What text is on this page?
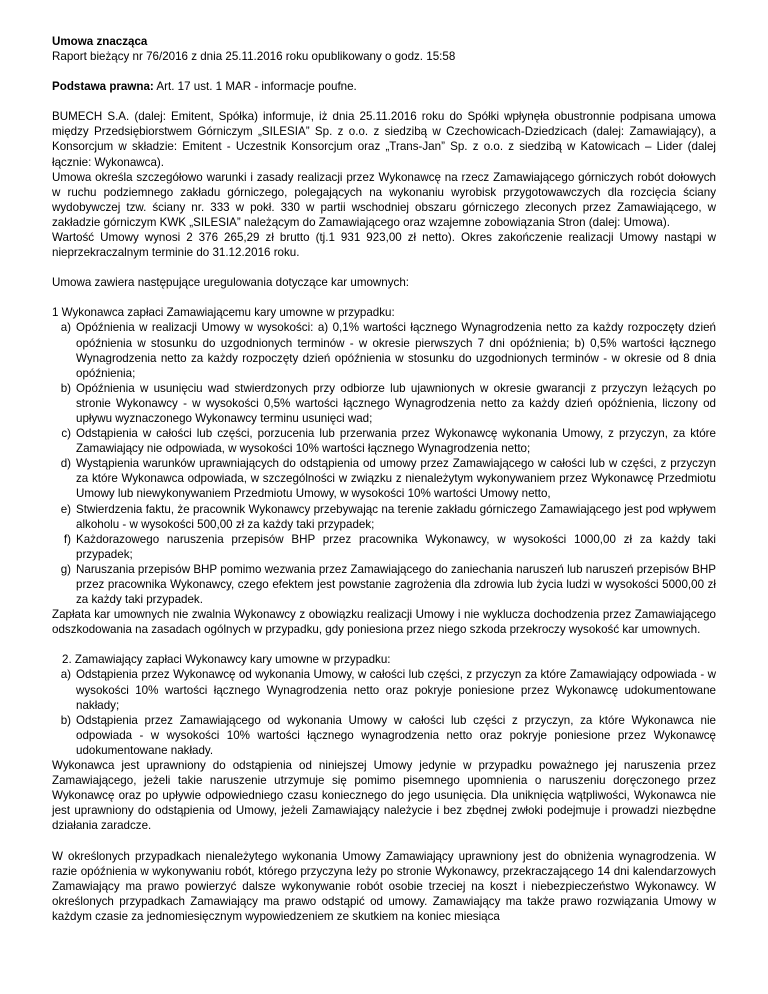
Umowa znacząca

Raport bieżący nr 76/2016 z dnia 25.11.2016 roku opublikowany o godz. 15:58

Podstawa prawna: Art. 17 ust. 1 MAR - informacje poufne.

BUMECH S.A. (dalej: Emitent, Spółka) informuje, iż dnia 25.11.2016 roku do Spółki wpłynęła obustronnie podpisana umowa między Przedsiębiorstwem Górniczym „SILESIA” Sp. z o.o. z siedzibą w Czechowicach-Dziedzicach (dalej: Zamawiający), a Konsorcjum w składzie: Emitent - Uczestnik Konsorcjum oraz „Trans-Jan” Sp. z o.o. z siedzibą w Katowicach – Lider (dalej łącznie: Wykonawca).

Umowa określa szczegółowo warunki i zasady realizacji przez Wykonawcę na rzecz Zamawiającego górniczych robót dołowych w ruchu podziemnego zakładu górniczego, polegających na wykonaniu wyrobisk przygotowawczych dla rozcięcia ściany wydobywczej tzw. ściany nr. 333 w pokł. 330 w partii wschodniej obszaru górniczego zleconych przez Zamawiającego, w zakładzie górniczym KWK „SILESIA” należącym do Zamawiającego oraz wzajemne zobowiązania Stron (dalej: Umowa).

Wartość Umowy wynosi 2 376 265,29 zł brutto (tj.1 931 923,00 zł netto). Okres zakończenie realizacji Umowy nastąpi w nieprzekraczalnym terminie do 31.12.2016 roku.

Umowa zawiera następujące uregulowania dotyczące kar umownych:

1 Wykonawca zapłaci Zamawiającemu kary umowne w przypadku:

a) Opóźnienia w realizacji Umowy w wysokości: a) 0,1% wartości łącznego Wynagrodzenia netto za każdy rozpoczęty dzień opóźnienia w stosunku do uzgodnionych terminów - w okresie pierwszych 7 dni opóźnienia; b) 0,5% wartości łącznego Wynagrodzenia netto za każdy rozpoczęty dzień opóźnienia w stosunku do uzgodnionych terminów - w okresie od 8 dnia opóźnienia;
b) Opóźnienia w usunięciu wad stwierdzonych przy odbiorze lub ujawnionych w okresie gwarancji z przyczyn leżących po stronie Wykonawcy - w wysokości 0,5% wartości łącznego Wynagrodzenia netto za każdy dzień opóźnienia, liczony od upływu wyznaczonego Wykonawcy terminu usunięci wad;
c) Odstąpienia w całości lub części, porzucenia lub przerwania przez Wykonawcę wykonania Umowy, z przyczyn, za które Zamawiający nie odpowiada, w wysokości 10% wartości łącznego Wynagrodzenia netto;
d) Wystąpienia warunków uprawniających do odstąpienia od umowy przez Zamawiającego w całości lub w części, z przyczyn za które Wykonawca odpowiada, w szczególności w związku z nienależytym wykonywaniem przez Wykonawcę Przedmiotu Umowy lub niewykonywaniem Przedmiotu Umowy, w wysokości 10% wartości Umowy netto,
e) Stwierdzenia faktu, że pracownik Wykonawcy przebywając na terenie zakładu górniczego Zamawiającego jest pod wpływem alkoholu - w wysokości 500,00 zł za każdy taki przypadek;
f) Każdorazowego naruszenia przepisów BHP przez pracownika Wykonawcy, w wysokości 1000,00 zł za każdy taki przypadek;
g) Naruszania przepisów BHP pomimo wezwania przez Zamawiającego do zaniechania naruszeń lub naruszeń przepisów BHP przez pracownika Wykonawcy, czego efektem jest powstanie zagrożenia dla zdrowia lub życia ludzi w wysokości 5000,00 zł za każdy taki przypadek.

Zapłata kar umownych nie zwalnia Wykonawcy z obowiązku realizacji Umowy i nie wyklucza dochodzenia przez Zamawiającego odszkodowania na zasadach ogólnych w przypadku, gdy poniesiona przez niego szkoda przekroczy wysokość kar umownych.

2. Zamawiający zapłaci Wykonawcy kary umowne w przypadku:

a) Odstąpienia przez Wykonawcę od wykonania Umowy, w całości lub części, z przyczyn za które Zamawiający odpowiada - w wysokości 10% wartości łącznego Wynagrodzenia netto oraz pokryje poniesione przez Wykonawcę udokumentowane nakłady;
b) Odstąpienia przez Zamawiającego od wykonania Umowy w całości lub części z przyczyn, za które Wykonawca nie odpowiada - w wysokości 10% wartości łącznego wynagrodzenia netto oraz pokryje poniesione przez Wykonawcę udokumentowane nakłady.

Wykonawca jest uprawniony do odstąpienia od niniejszej Umowy jedynie w przypadku poważnego jej naruszenia przez Zamawiającego, jeżeli takie naruszenie utrzymuje się pomimo pisemnego upomnienia o naruszeniu doręczonego przez Wykonawcę oraz po upływie odpowiedniego czasu koniecznego do jego usunięcia. Dla uniknięcia wątpliwości, Wykonawca nie jest uprawniony do odstąpienia od Umowy, jeżeli Zamawiający należycie i bez zbędnej zwłoki podejmuje i prowadzi niezbędne działania zaradcze.

W określonych przypadkach nienależytego wykonania Umowy Zamawiający uprawniony jest do obniżenia wynagrodzenia. W razie opóźnienia w wykonywaniu robót, którego przyczyna leży po stronie Wykonawcy, przekraczającego 14 dni kalendarzowych Zamawiający ma prawo powierzyć dalsze wykonywanie robót osobie trzeciej na koszt i niebezpieczeństwo Wykonawcy. W określonych przypadkach Zamawiający ma prawo odstąpić od umowy. Zamawiający ma także prawo rozwiązania Umowy w każdym czasie za jednomiesięcznym wypowiedzeniem ze skutkiem na koniec miesiąca
